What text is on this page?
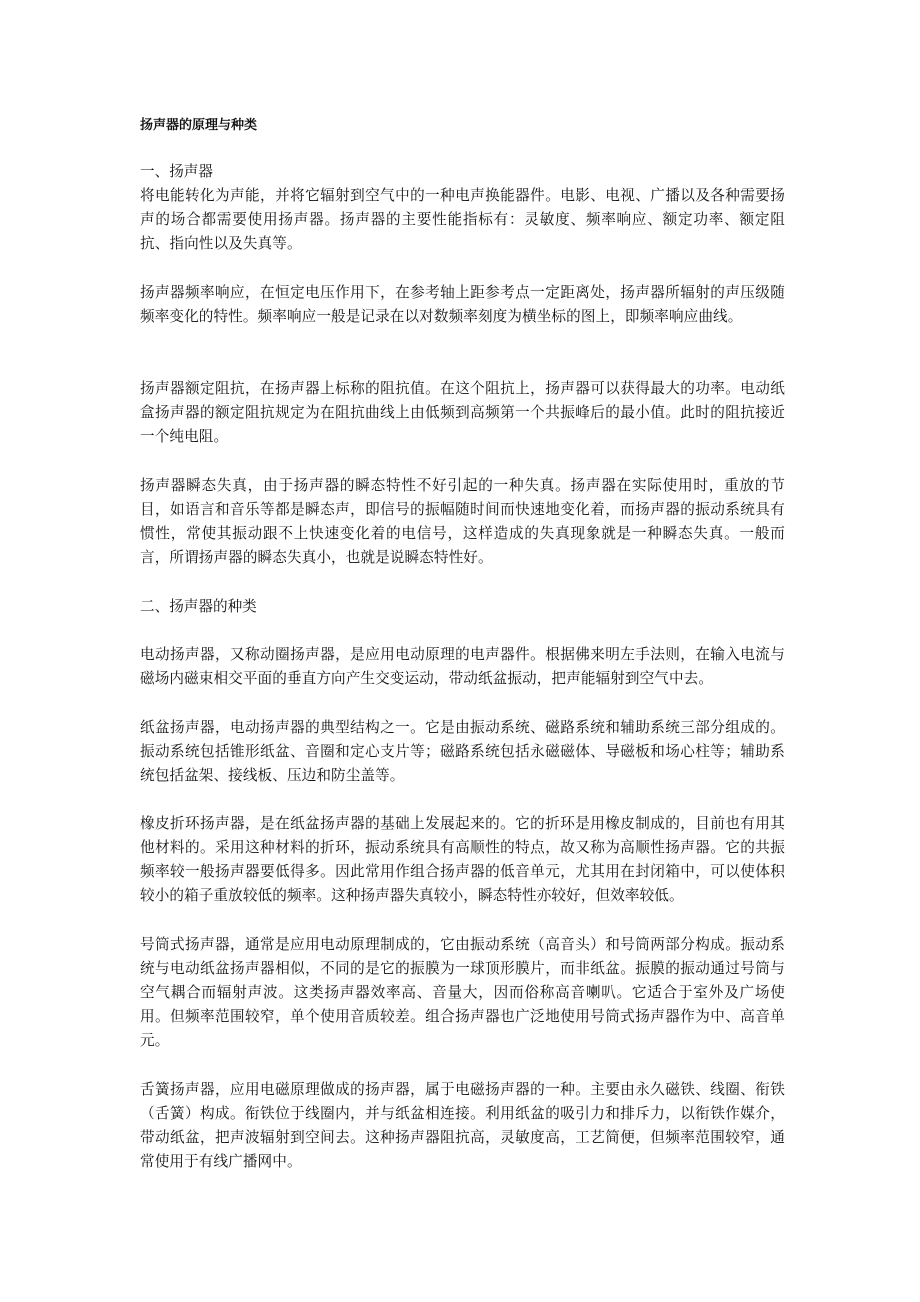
扬声器的原理与种类

一、扬声器

将电能转化为声能，并将它辐射到空气中的一种电声换能器件。电影、电视、广播以及各种需要扬声的场合都需要使用扬声器。扬声器的主要性能指标有：灵敏度、频率响应、额定功率、额定阻抗、指向性以及失真等。

扬声器频率响应，在恒定电压作用下，在参考轴上距参考点一定距离处，扬声器所辐射的声压级随频率变化的特性。频率响应一般是记录在以对数频率刻度为横坐标的图上，即频率响应曲线。

扬声器额定阻抗，在扬声器上标称的阻抗值。在这个阻抗上，扬声器可以获得最大的功率。电动纸盒扬声器的额定阻抗规定为在阻抗曲线上由低频到高频第一个共振峰后的最小值。此时的阻抗接近一个纯电阻。

扬声器瞬态失真，由于扬声器的瞬态特性不好引起的一种失真。扬声器在实际使用时，重放的节目，如语言和音乐等都是瞬态声，即信号的振幅随时间而快速地变化着，而扬声器的振动系统具有惯性，常使其振动跟不上快速变化着的电信号，这样造成的失真现象就是一种瞬态失真。一般而言，所谓扬声器的瞬态失真小，也就是说瞬态特性好。

二、扬声器的种类

电动扬声器，又称动圈扬声器，是应用电动原理的电声器件。根据佛来明左手法则，在输入电流与磁场内磁束相交平面的垂直方向产生交变运动，带动纸盆振动，把声能辐射到空气中去。

纸盆扬声器，电动扬声器的典型结构之一。它是由振动系统、磁路系统和辅助系统三部分组成的。振动系统包括锥形纸盆、音圈和定心支片等；磁路系统包括永磁磁体、导磁板和场心柱等；辅助系统包括盆架、接线板、压边和防尘盖等。

橡皮折环扬声器，是在纸盆扬声器的基础上发展起来的。它的折环是用橡皮制成的，目前也有用其他材料的。采用这种材料的折环，振动系统具有高顺性的特点，故又称为高顺性扬声器。它的共振频率较一般扬声器要低得多。因此常用作组合扬声器的低音单元，尤其用在封闭箱中，可以使体积较小的箱子重放较低的频率。这种扬声器失真较小，瞬态特性亦较好，但效率较低。

号筒式扬声器，通常是应用电动原理制成的，它由振动系统（高音头）和号筒两部分构成。振动系统与电动纸盆扬声器相似，不同的是它的振膜为一球顶形膜片，而非纸盆。振膜的振动通过号筒与空气耦合而辐射声波。这类扬声器效率高、音量大，因而俗称高音喇叭。它适合于室外及广场使用。但频率范围较窄，单个使用音质较差。组合扬声器也广泛地使用号筒式扬声器作为中、高音单元。

舌簧扬声器，应用电磁原理做成的扬声器，属于电磁扬声器的一种。主要由永久磁铁、线圈、衔铁（舌簧）构成。衔铁位于线圈内，并与纸盆相连接。利用纸盆的吸引力和排斥力，以衔铁作媒介，带动纸盆，把声波辐射到空间去。这种扬声器阻抗高，灵敏度高，工艺简便，但频率范围较窄，通常使用于有线广播网中。
